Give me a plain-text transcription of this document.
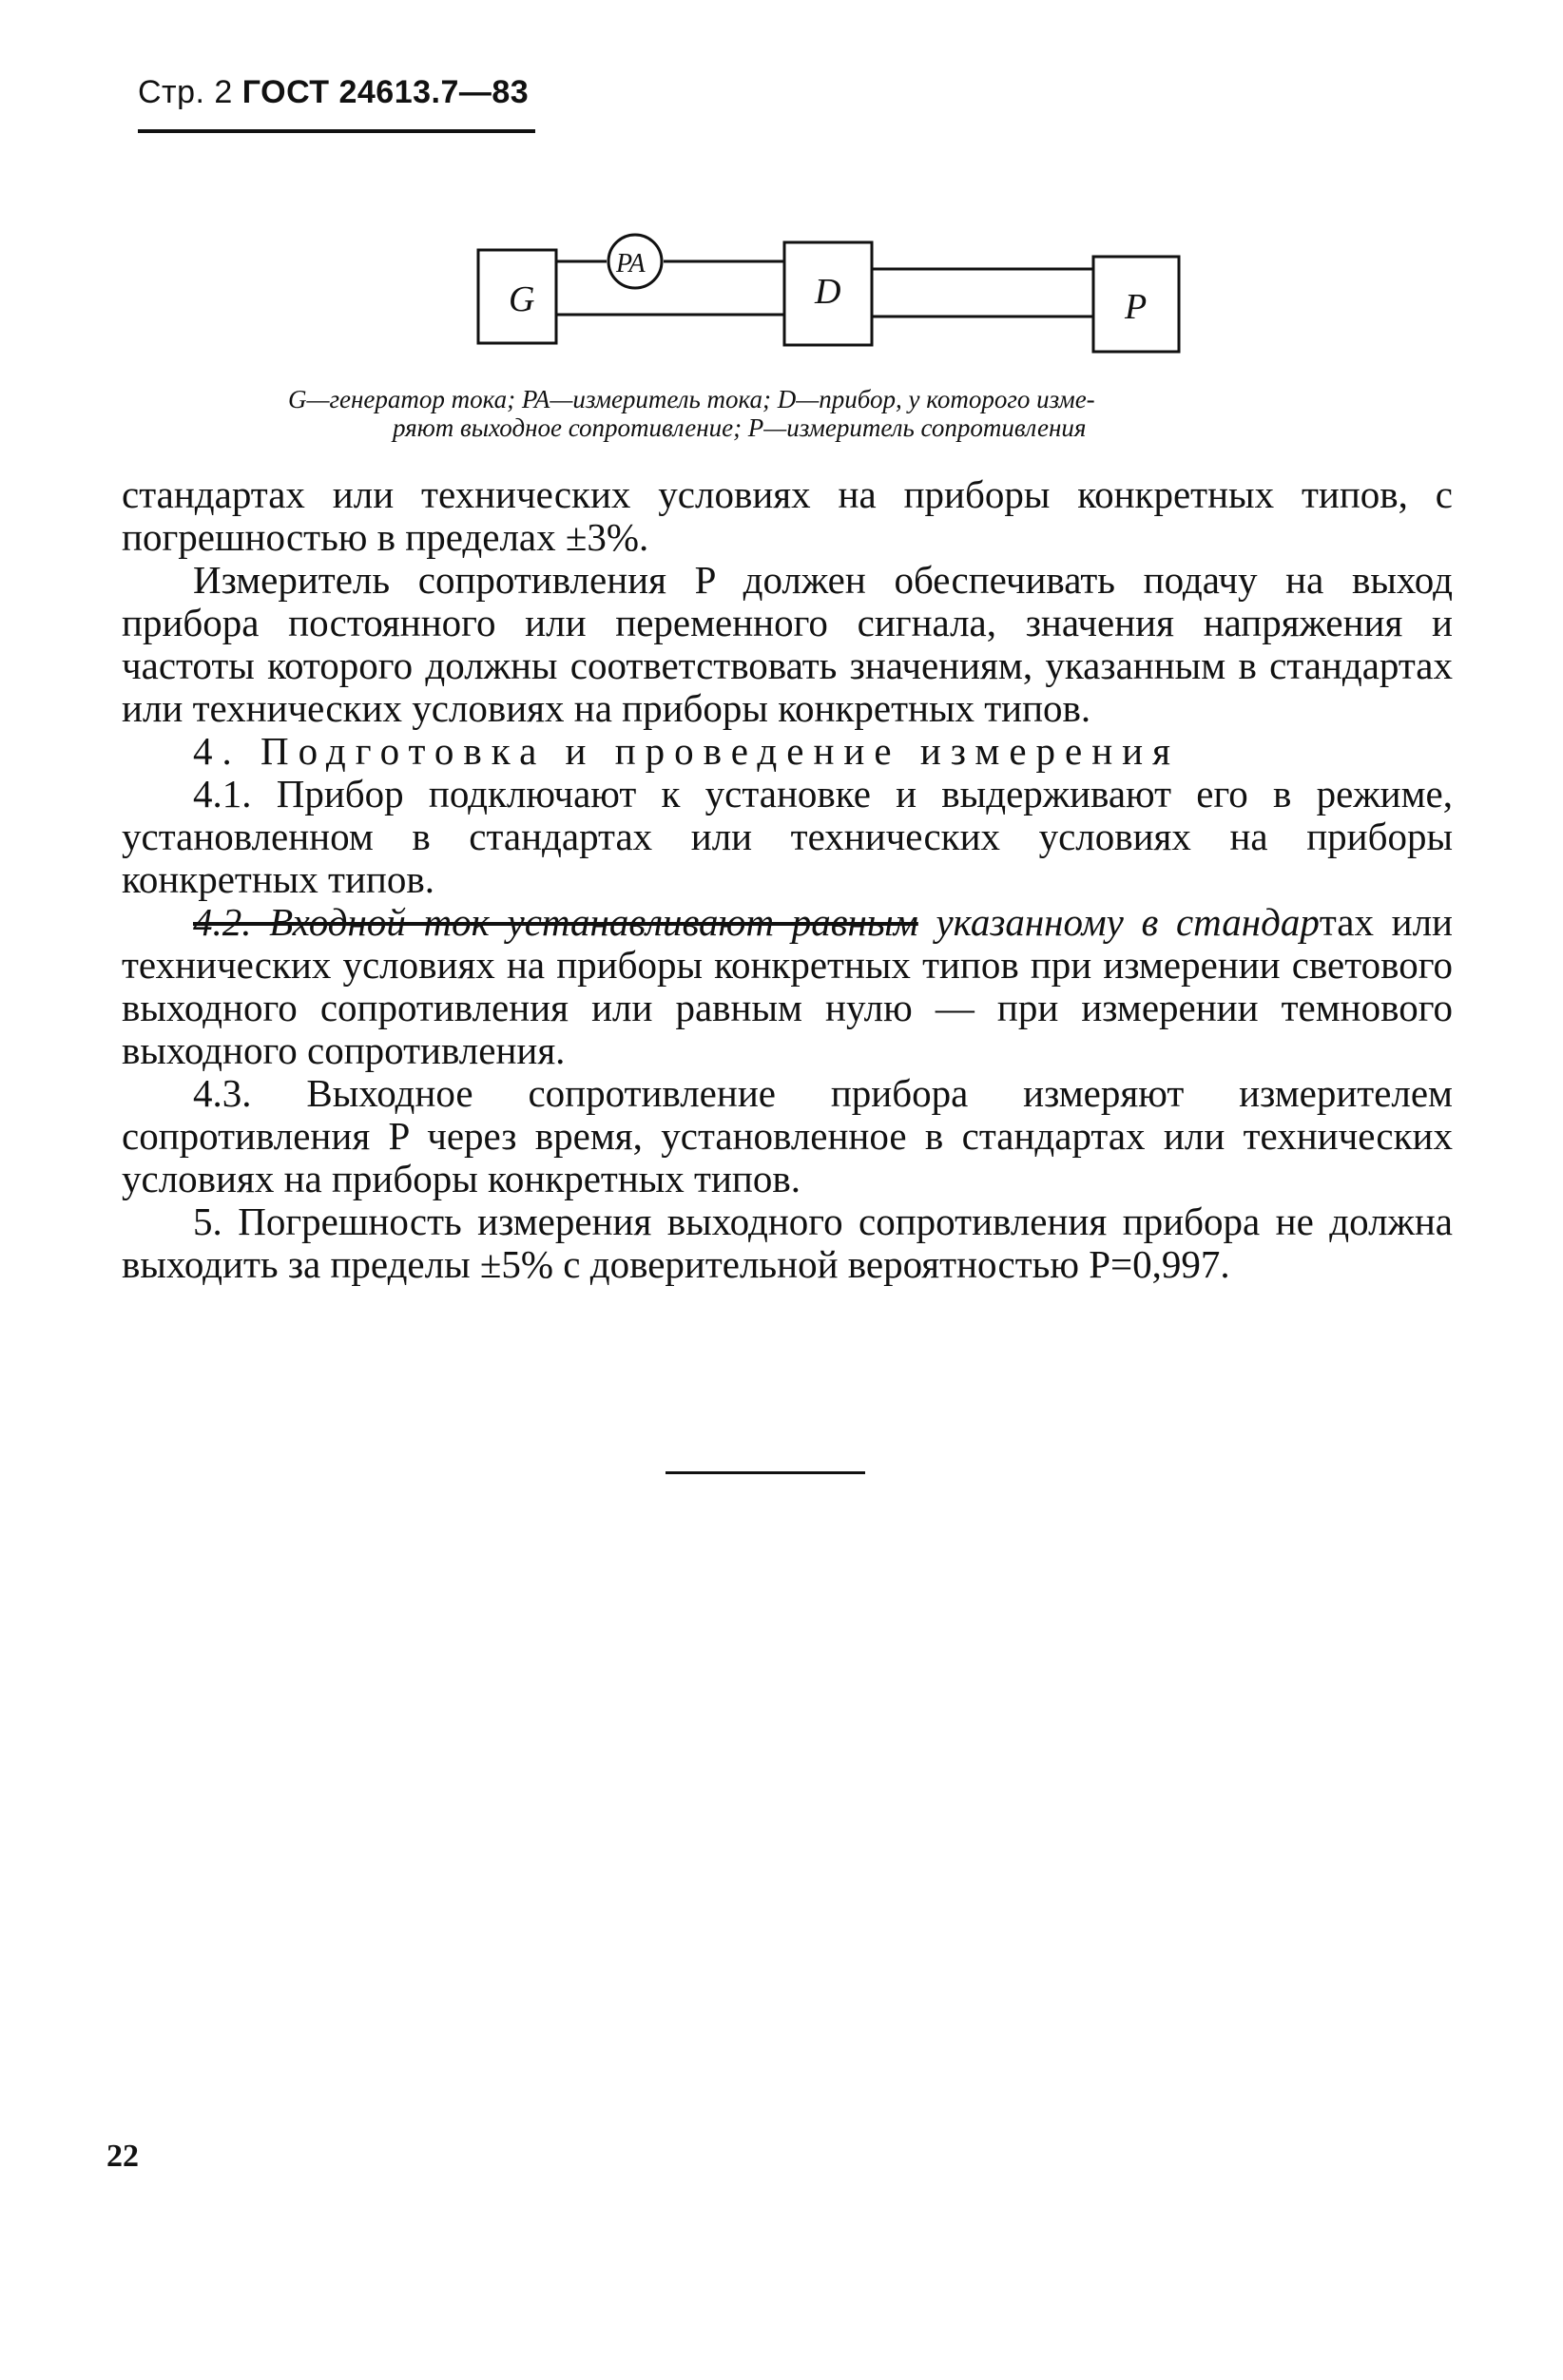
Стр. 2 ГОСТ 24613.7—83
G
PA
D	P
G—генератор тока; PA—измеритель тока; D—прибор, у которого изме-
ряют выходное сопротивление; P—измеритель сопротивления

стандартах или технических условиях на приборы конкретных типов, с погрешностью в пределах ±3%.

Измеритель сопротивления P должен обеспечивать подачу на выход прибора постоянного или переменного сигнала, значения напряжения и частоты которого должны соответствовать значениям, указанным в стандартах или технических условиях на приборы конкретных типов.

4. Подготовка и проведение измерения

4.1. Прибор подключают к установке и выдерживают его в режиме, установленном в стандартах или технических условиях на приборы конкретных типов.

4.2. Входной ток устанавливают равным указанному в стандартах или технических условиях на приборы конкретных типов при измерении светового выходного сопротивления или равным нулю — при измерении темнового выходного сопротивления.

4.3. Выходное сопротивление прибора измеряют измерителем сопротивления P через время, установленное в стандартах или технических условиях на приборы конкретных типов.

5. Погрешность измерения выходного сопротивления прибора не должна выходить за пределы ±5% с доверительной вероятностью P=0,997.

22
